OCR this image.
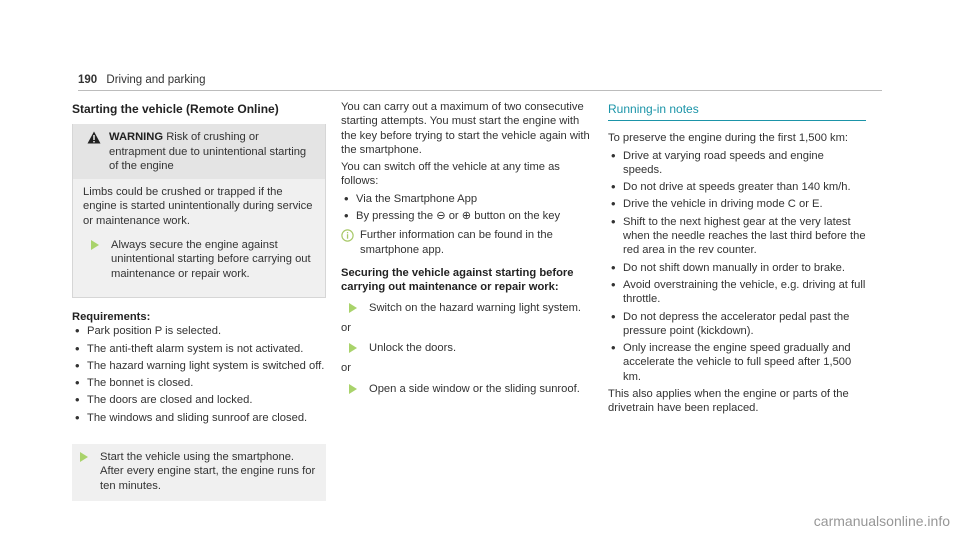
190 Driving and parking
Starting the vehicle (Remote Online)
WARNING Risk of crushing or entrapment due to unintentional starting of the engine

Limbs could be crushed or trapped if the engine is started unintentionally during service or maintenance work.

Always secure the engine against unintentional starting before carrying out maintenance or repair work.
Requirements:
• Park position P is selected.
• The anti-theft alarm system is not activated.
• The hazard warning light system is switched off.
• The bonnet is closed.
• The doors are closed and locked.
• The windows and sliding sunroof are closed.
Start the vehicle using the smartphone. After every engine start, the engine runs for ten minutes.

You can carry out a maximum of two consecutive starting attempts. You must start the engine with the key before trying to start the vehicle again with the smartphone.

You can switch off the vehicle at any time as follows:

• Via the Smartphone App
• By pressing the ⊖ or ⊕ button on the key
Further information can be found in the smartphone app.
Securing the vehicle against starting before carrying out maintenance or repair work:
Switch on the hazard warning light system.
or
Unlock the doors.
or
Open a side window or the sliding sunroof.
Running-in notes

To preserve the engine during the first 1,500 km:

• Drive at varying road speeds and engine speeds.
• Do not drive at speeds greater than 140 km/h.
• Drive the vehicle in driving mode C or E.
• Shift to the next highest gear at the very latest when the needle reaches the last third before the red area in the rev counter.
• Do not shift down manually in order to brake.
• Avoid overstraining the vehicle, e.g. driving at full throttle.
• Do not depress the accelerator pedal past the pressure point (kickdown).
• Only increase the engine speed gradually and accelerate the vehicle to full speed after 1,500 km.

This also applies when the engine or parts of the drivetrain have been replaced.

carmanualsonline.info
